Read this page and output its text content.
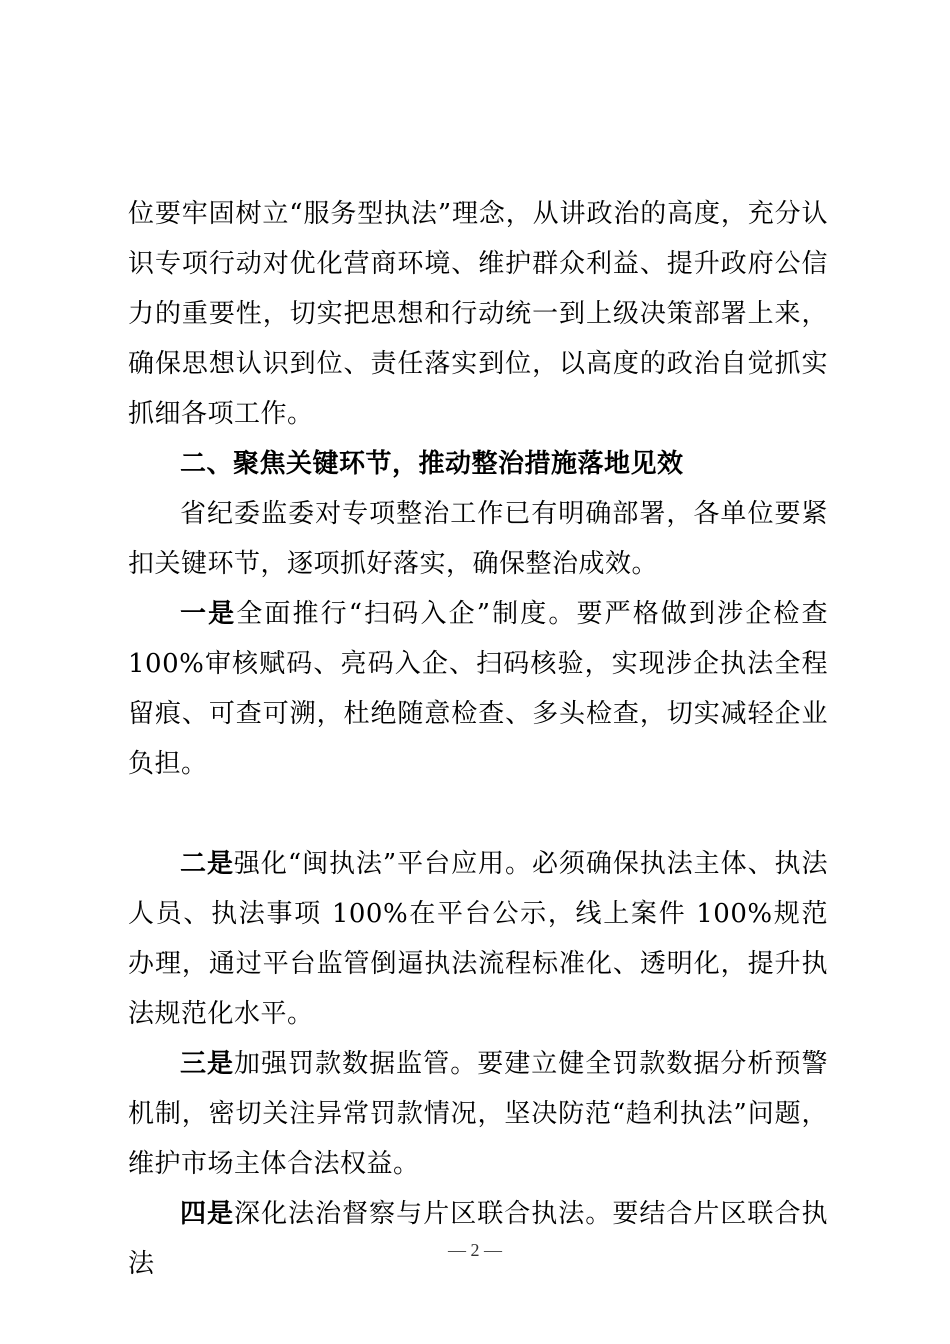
位要牢固树立“服务型执法”理念，从讲政治的高度，充分认识专项行动对优化营商环境、维护群众利益、提升政府公信力的重要性，切实把思想和行动统一到上级决策部署上来，确保思想认识到位、责任落实到位，以高度的政治自觉抓实抓细各项工作。

二、聚焦关键环节，推动整治措施落地见效

省纪委监委对专项整治工作已有明确部署，各单位要紧扣关键环节，逐项抓好落实，确保整治成效。

一是全面推行“扫码入企”制度。要严格做到涉企检查100%审核赋码、亮码入企、扫码核验，实现涉企执法全程留痕、可查可溯，杜绝随意检查、多头检查，切实减轻企业负担。

二是强化“闽执法”平台应用。必须确保执法主体、执法人员、执法事项 100%在平台公示，线上案件 100%规范办理，通过平台监管倒逼执法流程标准化、透明化，提升执法规范化水平。

三是加强罚款数据监管。要建立健全罚款数据分析预警机制，密切关注异常罚款情况，坚决防范“趋利执法”问题，维护市场主体合法权益。

四是深化法治督察与片区联合执法。要结合片区联合执法	— 2 —
